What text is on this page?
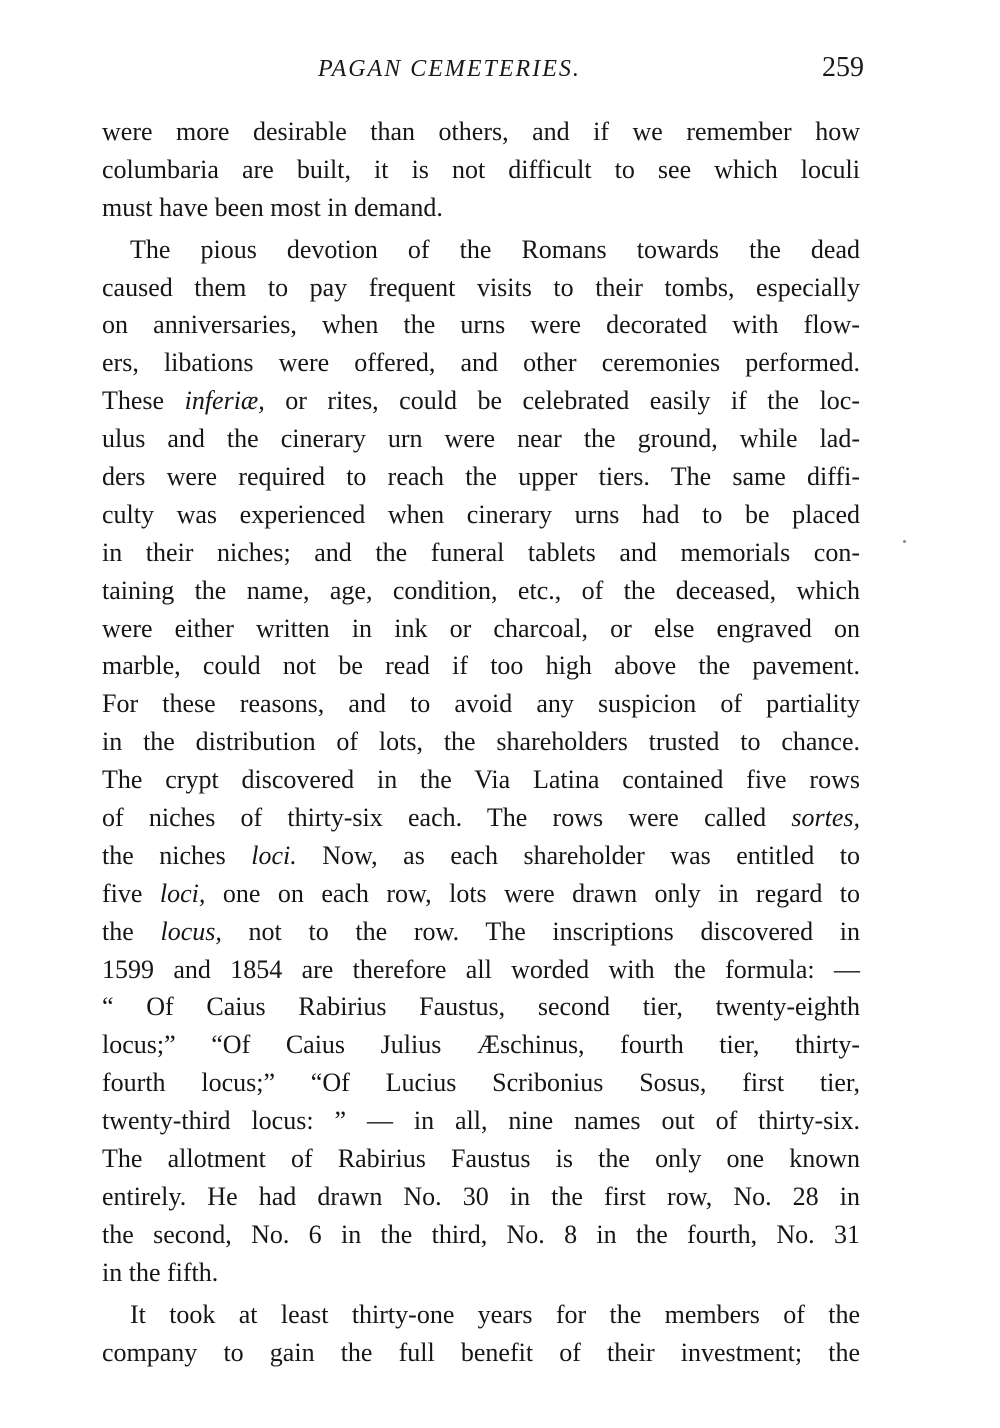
PAGAN CEMETERIES.	259
were more desirable than others, and if we remember how
columbaria are built, it is not difficult to see which loculi
must have been most in demand.
The pious devotion of the Romans towards the dead
caused them to pay frequent visits to their tombs, especially
on anniversaries, when the urns were decorated with flow-
ers, libations were offered, and other ceremonies performed.
These inferiæ, or rites, could be celebrated easily if the loc-
ulus and the cinerary urn were near the ground, while lad-
ders were required to reach the upper tiers. The same diffi-
culty was experienced when cinerary urns had to be placed
in their niches; and the funeral tablets and memorials con-
taining the name, age, condition, etc., of the deceased, which
were either written in ink or charcoal, or else engraved on
marble, could not be read if too high above the pavement.
For these reasons, and to avoid any suspicion of partiality
in the distribution of lots, the shareholders trusted to chance.
The crypt discovered in the Via Latina contained five rows
of niches of thirty-six each. The rows were called sortes,
the niches loci. Now, as each shareholder was entitled to
five loci, one on each row, lots were drawn only in regard to
the locus, not to the row. The inscriptions discovered in
1599 and 1854 are therefore all worded with the formula: —
“ Of Caius Rabirius Faustus, second tier, twenty-eighth
locus;” “Of Caius Julius Æschinus, fourth tier, thirty-
fourth locus;” “Of Lucius Scribonius Sosus, first tier,
twenty-third locus: ” — in all, nine names out of thirty-six.
The allotment of Rabirius Faustus is the only one known
entirely. He had drawn No. 30 in the first row, No. 28 in
the second, No. 6 in the third, No. 8 in the fourth, No. 31
in the fifth.
It took at least thirty-one years for the members of the
company to gain the full benefit of their investment; the
